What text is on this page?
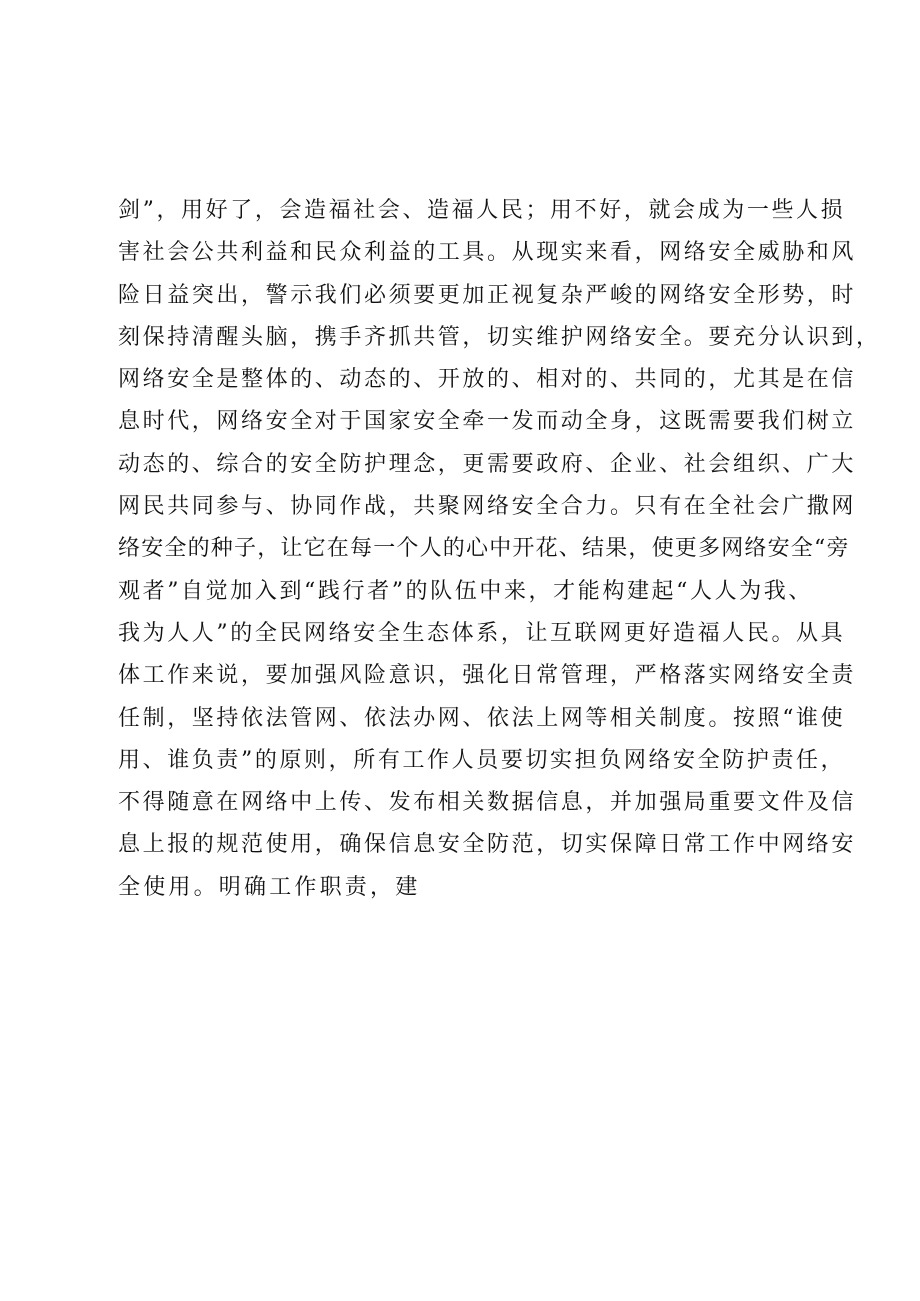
剑”，用好了，会造福社会、造福人民；用不好，就会成为一些人损
害社会公共利益和民众利益的工具。从现实来看，网络安全威胁和风
险日益突出，警示我们必须要更加正视复杂严峻的网络安全形势，时
刻保持清醒头脑，携手齐抓共管，切实维护网络安全。要充分认识到，
网络安全是整体的、动态的、开放的、相对的、共同的，尤其是在信
息时代，网络安全对于国家安全牵一发而动全身，这既需要我们树立
动态的、综合的安全防护理念，更需要政府、企业、社会组织、广大
网民共同参与、协同作战，共聚网络安全合力。只有在全社会广撒网
络安全的种子，让它在每一个人的心中开花、结果，使更多网络安全“旁
观者”自觉加入到“践行者”的队伍中来，才能构建起“人人为我、
我为人人”的全民网络安全生态体系，让互联网更好造福人民。从具
体工作来说，要加强风险意识，强化日常管理，严格落实网络安全责
任制，坚持依法管网、依法办网、依法上网等相关制度。按照“谁使
用、谁负责”的原则，所有工作人员要切实担负网络安全防护责任，
不得随意在网络中上传、发布相关数据信息，并加强局重要文件及信
息上报的规范使用，确保信息安全防范，切实保障日常工作中网络安
全使用。明确工作职责，建
